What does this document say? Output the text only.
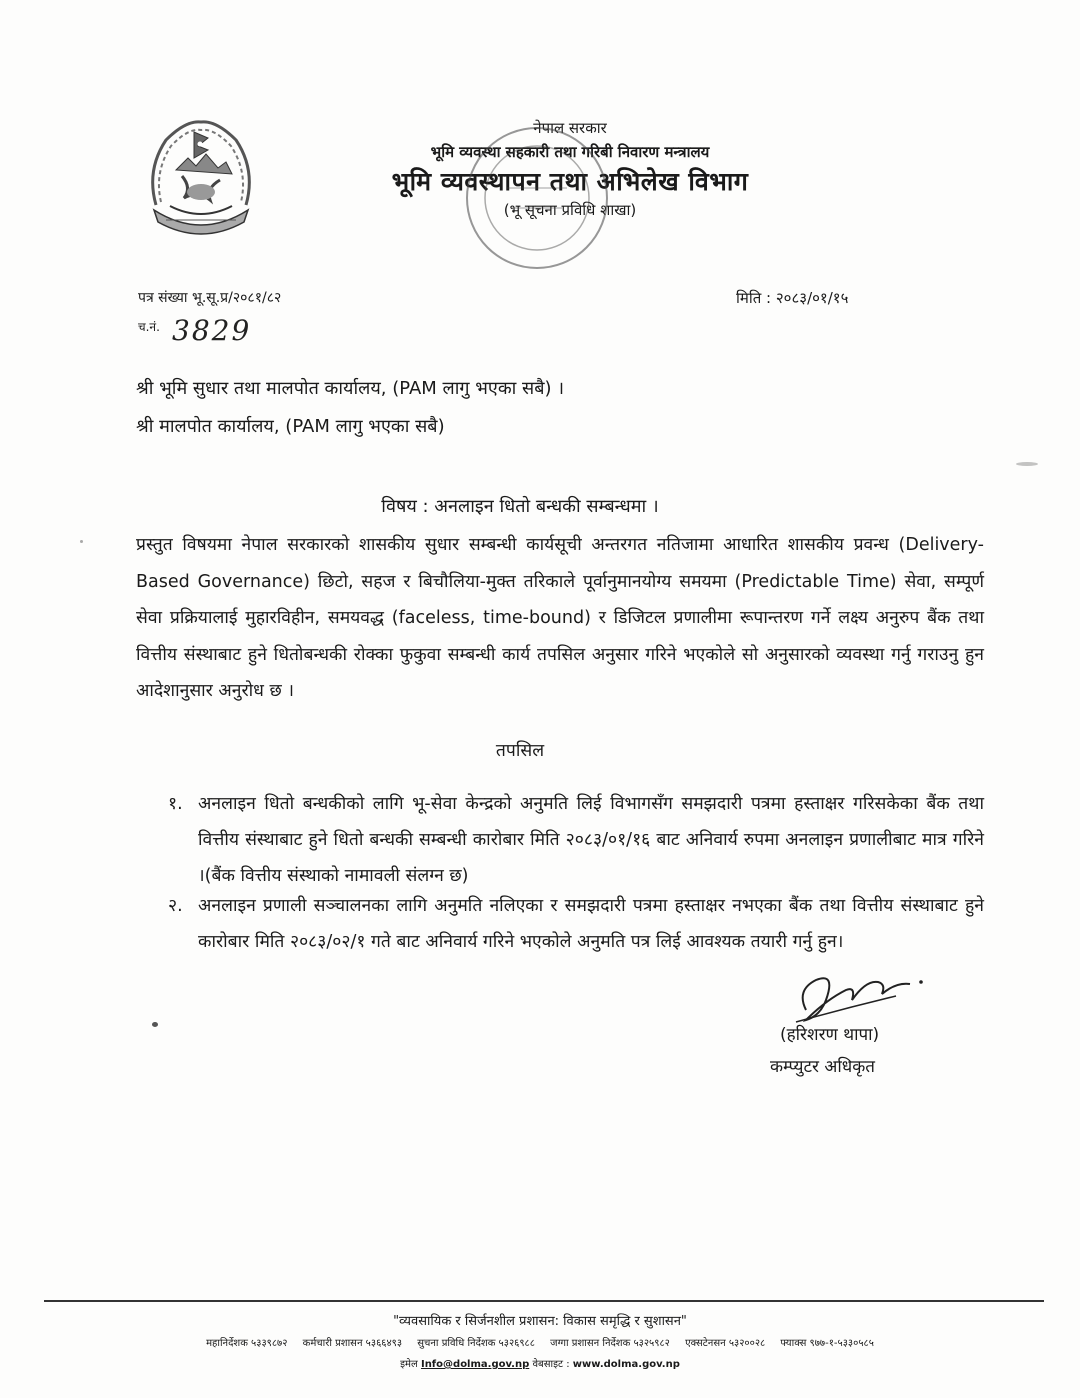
नेपाल सरकार
भूमि व्यवस्था सहकारी तथा गरिबी निवारण मन्त्रालय
भूमि व्यवस्थापन तथा अभिलेख विभाग
(भू सूचना प्रविधि शाखा)
पत्र संख्या भू.सू.प्र/२०८१/८२
च.नं. 3829
मिति : २०८३/०१/१५
श्री भूमि सुधार तथा मालपोत कार्यालय, (PAM लागु भएका सबै) ।
श्री मालपोत कार्यालय, (PAM लागु भएका सबै)
विषय : अनलाइन धितो बन्धकी सम्बन्धमा ।
प्रस्तुत विषयमा नेपाल सरकारको शासकीय सुधार सम्बन्धी कार्यसूची अन्तरगत नतिजामा आधारित शासकीय प्रवन्ध (Delivery-Based Governance) छिटो, सहज र बिचौलिया-मुक्त तरिकाले पूर्वानुमानयोग्य समयमा (Predictable Time) सेवा, सम्पूर्ण सेवा प्रक्रियालाई मुहारविहीन, समयवद्ध (faceless, time-bound) र डिजिटल प्रणालीमा रूपान्तरण गर्ने लक्ष्य अनुरुप बैंक तथा वित्तीय संस्थाबाट हुने धितोबन्धकी रोक्का फुकुवा सम्बन्धी कार्य तपसिल अनुसार गरिने भएकोले सो अनुसारको व्यवस्था गर्नु गराउनु हुन आदेशानुसार अनुरोध छ ।
तपसिल
१. अनलाइन धितो बन्धकीको लागि भू-सेवा केन्द्रको अनुमति लिई विभागसँग समझदारी पत्रमा हस्ताक्षर गरिसकेका बैंक तथा वित्तीय संस्थाबाट हुने धितो बन्धकी सम्बन्धी कारोबार मिति २०८३/०१/१६ बाट अनिवार्य रुपमा अनलाइन प्रणालीबाट मात्र गरिने ।(बैंक वित्तीय संस्थाको नामावली संलग्न छ)
२. अनलाइन प्रणाली सञ्चालनका लागि अनुमति नलिएका र समझदारी पत्रमा हस्ताक्षर नभएका बैंक तथा वित्तीय संस्थाबाट हुने कारोबार मिति २०८३/०२/१ गते बाट अनिवार्य गरिने भएकोले अनुमति पत्र लिई आवश्यक तयारी गर्नु हुन।
(हरिशरण थापा)
कम्प्युटर अधिकृत
"व्यवसायिक र सिर्जनशील प्रशासन: विकास समृद्धि र सुशासन"
महानिर्देशक ५३३९८७२ कर्मचारी प्रशासन ५३६६४९३ सुचना प्रविधि निर्देशक ५३२६९८८ जग्गा प्रशासन निर्देशक ५३२५९८२ एक्सटेनसन ५३२००२८ फ्याक्स ९७७-१-५३३०५८५
इमेल Info@dolma.gov.np वेबसाइट : www.dolma.gov.np
